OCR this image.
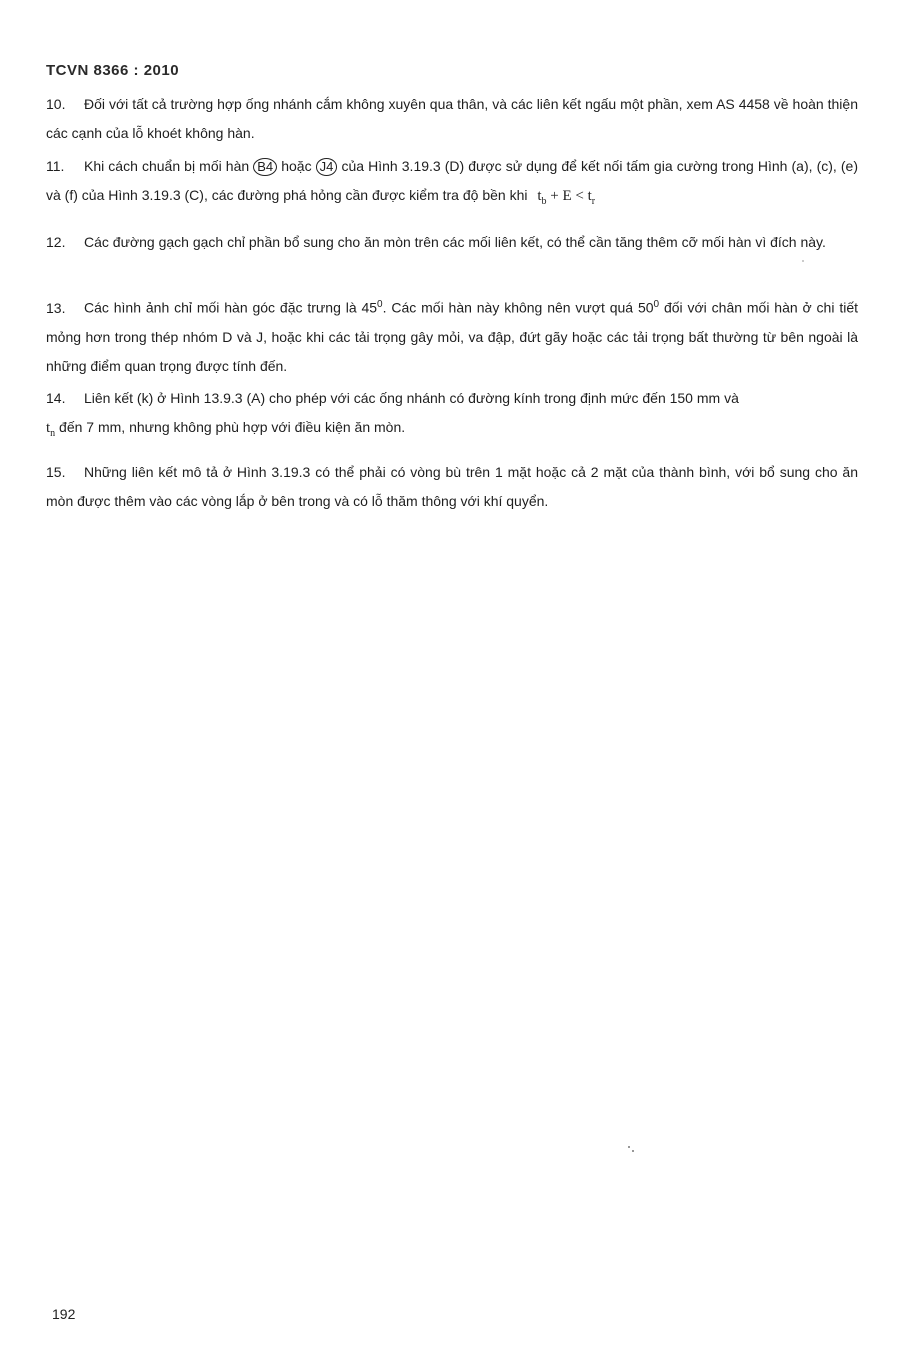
TCVN 8366 : 2010
10. Đối với tất cả trường hợp ống nhánh cắm không xuyên qua thân, và các liên kết ngấu một phần, xem AS 4458 về hoàn thiện các cạnh của lỗ khoét không hàn.
11. Khi cách chuẩn bị mối hàn B4 hoặc J4 của Hình 3.19.3 (D) được sử dụng để kết nối tấm gia cường trong Hình (a), (c), (e) và (f) của Hình 3.19.3 (C), các đường phá hỏng cần được kiểm tra độ bền khi $t_b + E < t_r$
12. Các đường gạch gạch chỉ phần bổ sung cho ăn mòn trên các mối liên kết, có thể cần tăng thêm cỡ mối hàn vì đích này.
13. Các hình ảnh chỉ mối hàn góc đặc trưng là $45^0$. Các mối hàn này không nên vượt quá $50^0$ đối với chân mối hàn ở chi tiết mỏng hơn trong thép nhóm D và J, hoặc khi các tải trọng gây mỏi, va đập, đứt gãy hoặc các tải trọng bất thường từ bên ngoài là những điểm quan trọng được tính đến.
14. Liên kết (k) ở Hình 13.9.3 (A) cho phép với các ống nhánh có đường kính trong định mức đến 150 mm và
$t_n$ đến 7 mm, nhưng không phù hợp với điều kiện ăn mòn.
15. Những liên kết mô tả ở Hình 3.19.3 có thể phải có vòng bù trên 1 mặt hoặc cả 2 mặt của thành bình, với bổ sung cho ăn mòn được thêm vào các vòng lắp ở bên trong và có lỗ thăm thông với khí quyển.
192
